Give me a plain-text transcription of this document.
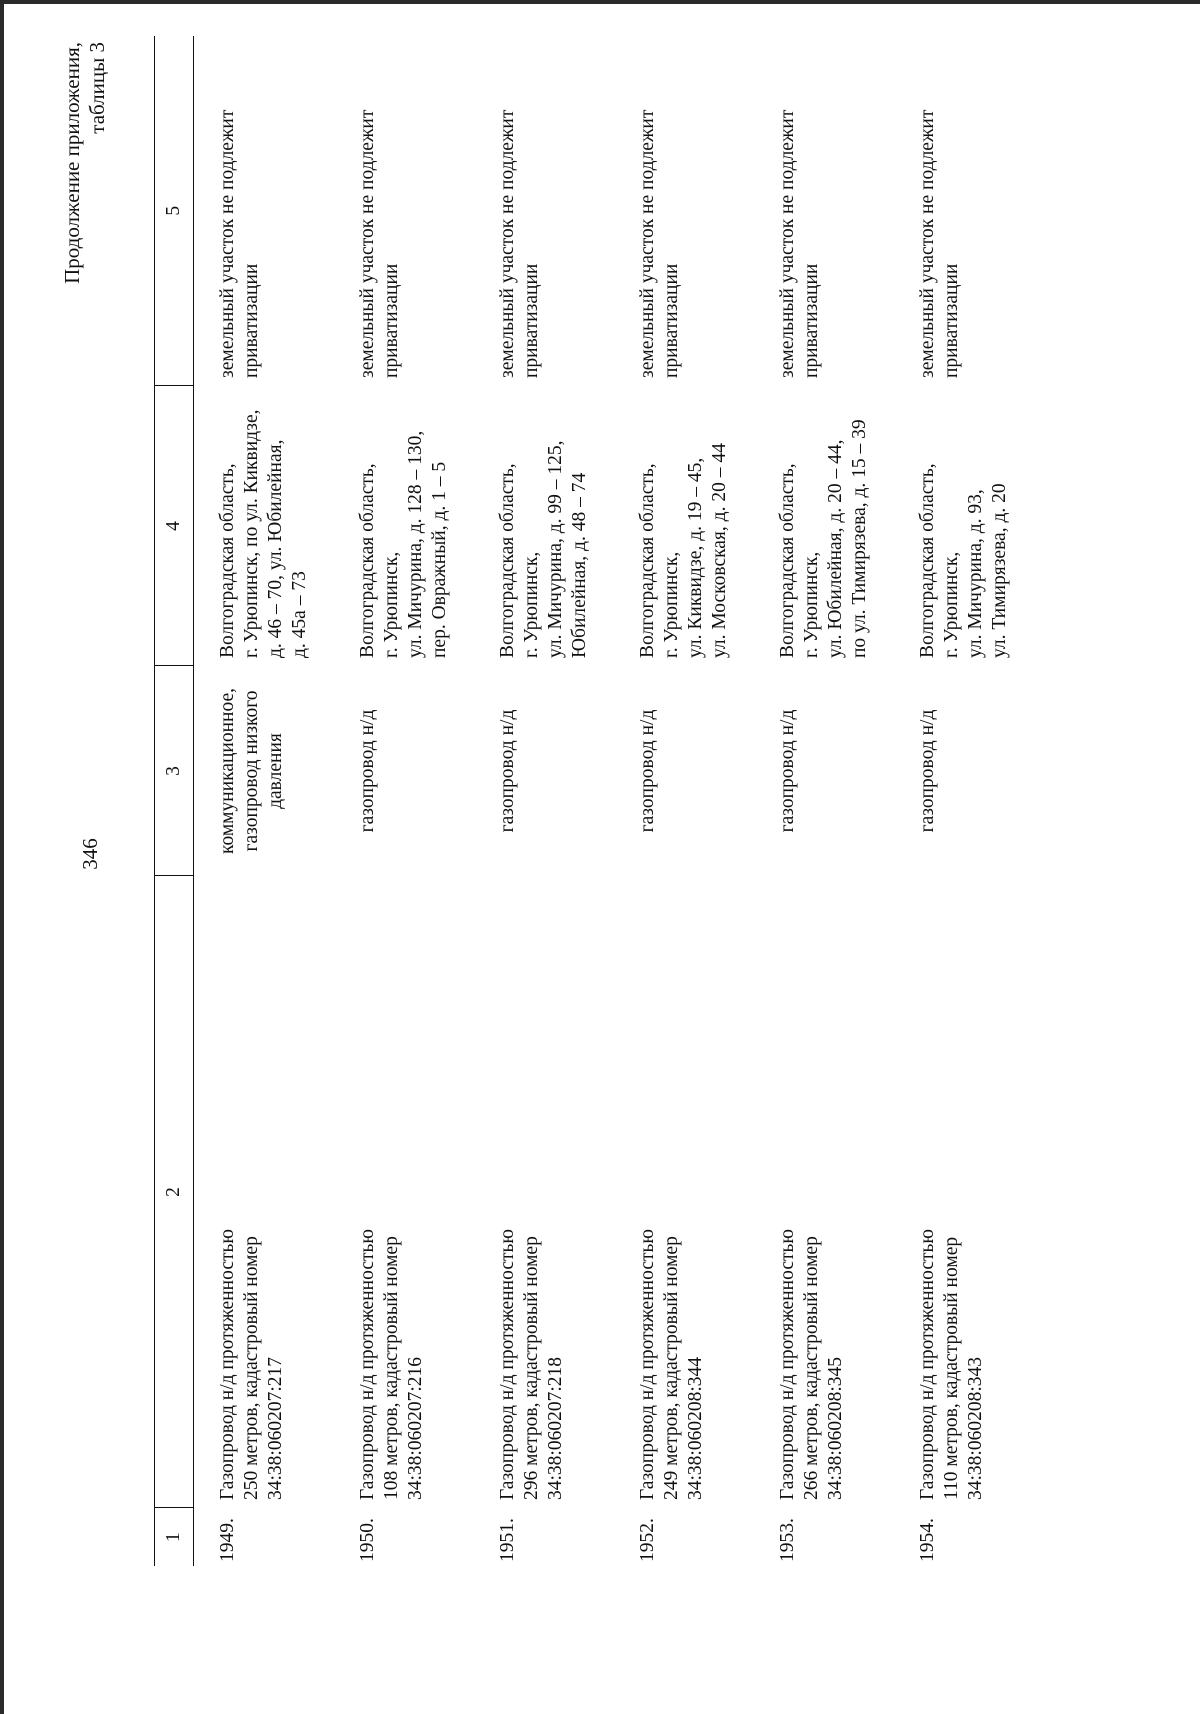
346
Продолжение приложения, таблицы 3
1	2	3	4	5
1949.	Газопровод н/д протяженностью 250 метров, кадастровый номер 34:38:060207:217	коммуникационное, газопровод низкого давления	Волгоградская область, г. Урюпинск, по ул. Киквидзе, д. 46 – 70, ул. Юбилейная, д. 45а – 73	земельный участок не подлежит приватизации

1950.	Газопровод н/д протяженностью 108 метров, кадастровый номер 34:38:060207:216	газопровод н/д	Волгоградская область, г. Урюпинск, ул. Мичурина, д. 128 – 130, пер. Овражный, д. 1 – 5	земельный участок не подлежит приватизации

1951.	Газопровод н/д протяженностью 296 метров, кадастровый номер 34:38:060207:218	газопровод н/д	Волгоградская область, г. Урюпинск, ул. Мичурина, д. 99 – 125, Юбилейная, д. 48 – 74	земельный участок не подлежит приватизации

1952.	Газопровод н/д протяженностью 249 метров, кадастровый номер 34:38:060208:344	газопровод н/д	Волгоградская область, г. Урюпинск, ул. Киквидзе, д. 19 – 45, ул. Московская, д. 20 – 44	земельный участок не подлежит приватизации

1953.	Газопровод н/д протяженностью 266 метров, кадастровый номер 34:38:060208:345	газопровод н/д	Волгоградская область, г. Урюпинск, ул. Юбилейная, д. 20 – 44, по ул. Тимирязева, д. 15 – 39	земельный участок не подлежит приватизации

1954.	Газопровод н/д протяженностью 110 метров, кадастровый номер 34:38:060208:343	газопровод н/д	Волгоградская область, г. Урюпинск, ул. Мичурина, д. 93, ул. Тимирязева, д. 20	земельный участок не подлежит приватизации
